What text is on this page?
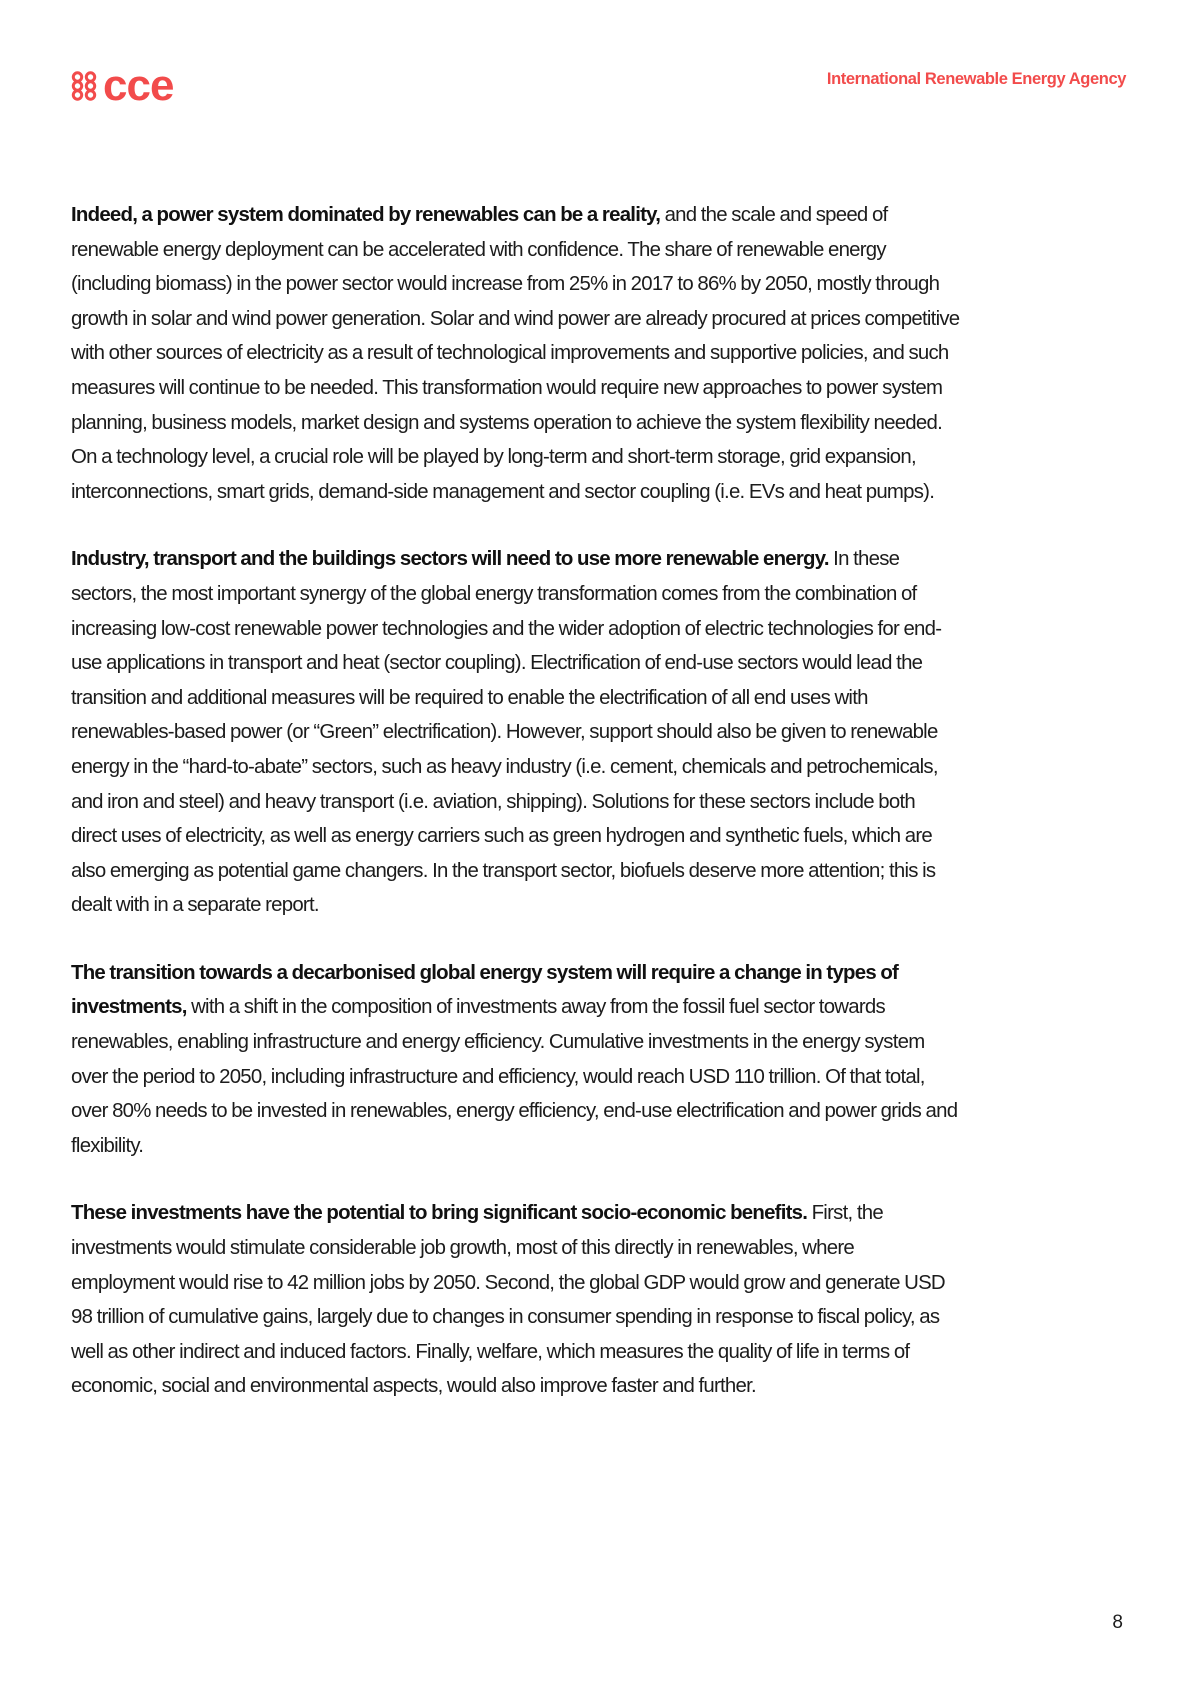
cce	International Renewable Energy Agency

Indeed, a power system dominated by renewables can be a reality, and the scale and speed of renewable energy deployment can be accelerated with confidence. The share of renewable energy (including biomass) in the power sector would increase from 25% in 2017 to 86% by 2050, mostly through growth in solar and wind power generation. Solar and wind power are already procured at prices competitive with other sources of electricity as a result of technological improvements and supportive policies, and such measures will continue to be needed. This transformation would require new approaches to power system planning, business models, market design and systems operation to achieve the system flexibility needed. On a technology level, a crucial role will be played by long-term and short-term storage, grid expansion, interconnections, smart grids, demand-side management and sector coupling (i.e. EVs and heat pumps).

Industry, transport and the buildings sectors will need to use more renewable energy. In these sectors, the most important synergy of the global energy transformation comes from the combination of increasing low-cost renewable power technologies and the wider adoption of electric technologies for end-use applications in transport and heat (sector coupling). Electrification of end-use sectors would lead the transition and additional measures will be required to enable the electrification of all end uses with renewables-based power (or “Green” electrification). However, support should also be given to renewable energy in the “hard-to-abate” sectors, such as heavy industry (i.e. cement, chemicals and petrochemicals, and iron and steel) and heavy transport (i.e. aviation, shipping). Solutions for these sectors include both direct uses of electricity, as well as energy carriers such as green hydrogen and synthetic fuels, which are also emerging as potential game changers. In the transport sector, biofuels deserve more attention; this is dealt with in a separate report.

The transition towards a decarbonised global energy system will require a change in types of investments, with a shift in the composition of investments away from the fossil fuel sector towards renewables, enabling infrastructure and energy efficiency. Cumulative investments in the energy system over the period to 2050, including infrastructure and efficiency, would reach USD 110 trillion. Of that total, over 80% needs to be invested in renewables, energy efficiency, end-use electrification and power grids and flexibility.

These investments have the potential to bring significant socio-economic benefits. First, the investments would stimulate considerable job growth, most of this directly in renewables, where employment would rise to 42 million jobs by 2050. Second, the global GDP would grow and generate USD 98 trillion of cumulative gains, largely due to changes in consumer spending in response to fiscal policy, as well as other indirect and induced factors. Finally, welfare, which measures the quality of life in terms of economic, social and environmental aspects, would also improve faster and further.

8
